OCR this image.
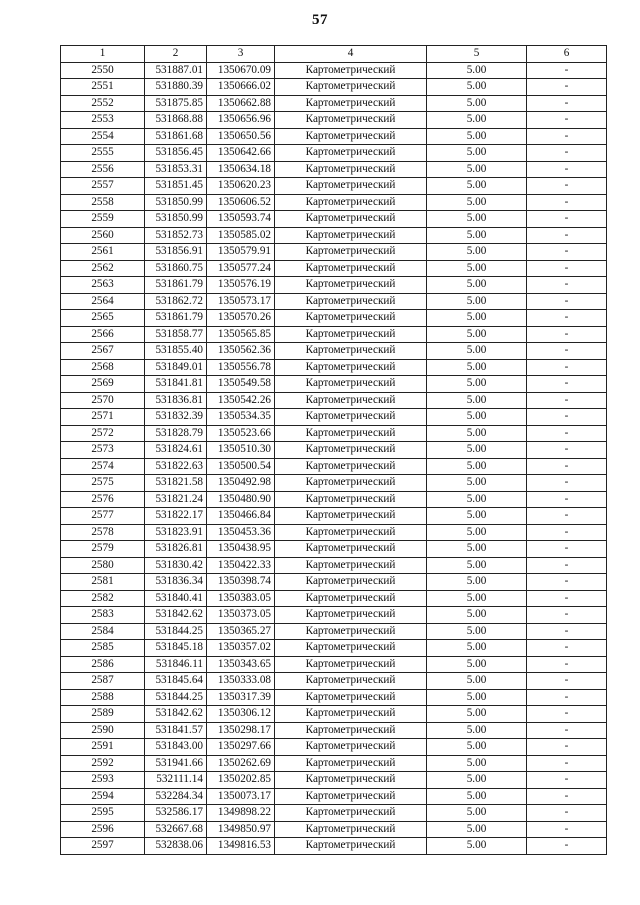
57
1	2	3	4	5	6
2550	531887.01	1350670.09	Картометрический	5.00	-
2551	531880.39	1350666.02	Картометрический	5.00	-
2552	531875.85	1350662.88	Картометрический	5.00	-
2553	531868.88	1350656.96	Картометрический	5.00	-
2554	531861.68	1350650.56	Картометрический	5.00	-
2555	531856.45	1350642.66	Картометрический	5.00	-
2556	531853.31	1350634.18	Картометрический	5.00	-
2557	531851.45	1350620.23	Картометрический	5.00	-
2558	531850.99	1350606.52	Картометрический	5.00	-
2559	531850.99	1350593.74	Картометрический	5.00	-
2560	531852.73	1350585.02	Картометрический	5.00	-
2561	531856.91	1350579.91	Картометрический	5.00	-
2562	531860.75	1350577.24	Картометрический	5.00	-
2563	531861.79	1350576.19	Картометрический	5.00	-
2564	531862.72	1350573.17	Картометрический	5.00	-
2565	531861.79	1350570.26	Картометрический	5.00	-
2566	531858.77	1350565.85	Картометрический	5.00	-
2567	531855.40	1350562.36	Картометрический	5.00	-
2568	531849.01	1350556.78	Картометрический	5.00	-
2569	531841.81	1350549.58	Картометрический	5.00	-
2570	531836.81	1350542.26	Картометрический	5.00	-
2571	531832.39	1350534.35	Картометрический	5.00	-
2572	531828.79	1350523.66	Картометрический	5.00	-
2573	531824.61	1350510.30	Картометрический	5.00	-
2574	531822.63	1350500.54	Картометрический	5.00	-
2575	531821.58	1350492.98	Картометрический	5.00	-
2576	531821.24	1350480.90	Картометрический	5.00	-
2577	531822.17	1350466.84	Картометрический	5.00	-
2578	531823.91	1350453.36	Картометрический	5.00	-
2579	531826.81	1350438.95	Картометрический	5.00	-
2580	531830.42	1350422.33	Картометрический	5.00	-
2581	531836.34	1350398.74	Картометрический	5.00	-
2582	531840.41	1350383.05	Картометрический	5.00	-
2583	531842.62	1350373.05	Картометрический	5.00	-
2584	531844.25	1350365.27	Картометрический	5.00	-
2585	531845.18	1350357.02	Картометрический	5.00	-
2586	531846.11	1350343.65	Картометрический	5.00	-
2587	531845.64	1350333.08	Картометрический	5.00	-
2588	531844.25	1350317.39	Картометрический	5.00	-
2589	531842.62	1350306.12	Картометрический	5.00	-
2590	531841.57	1350298.17	Картометрический	5.00	-
2591	531843.00	1350297.66	Картометрический	5.00	-
2592	531941.66	1350262.69	Картометрический	5.00	-
2593	532111.14	1350202.85	Картометрический	5.00	-
2594	532284.34	1350073.17	Картометрический	5.00	-
2595	532586.17	1349898.22	Картометрический	5.00	-
2596	532667.68	1349850.97	Картометрический	5.00	-
2597	532838.06	1349816.53	Картометрический	5.00	-
